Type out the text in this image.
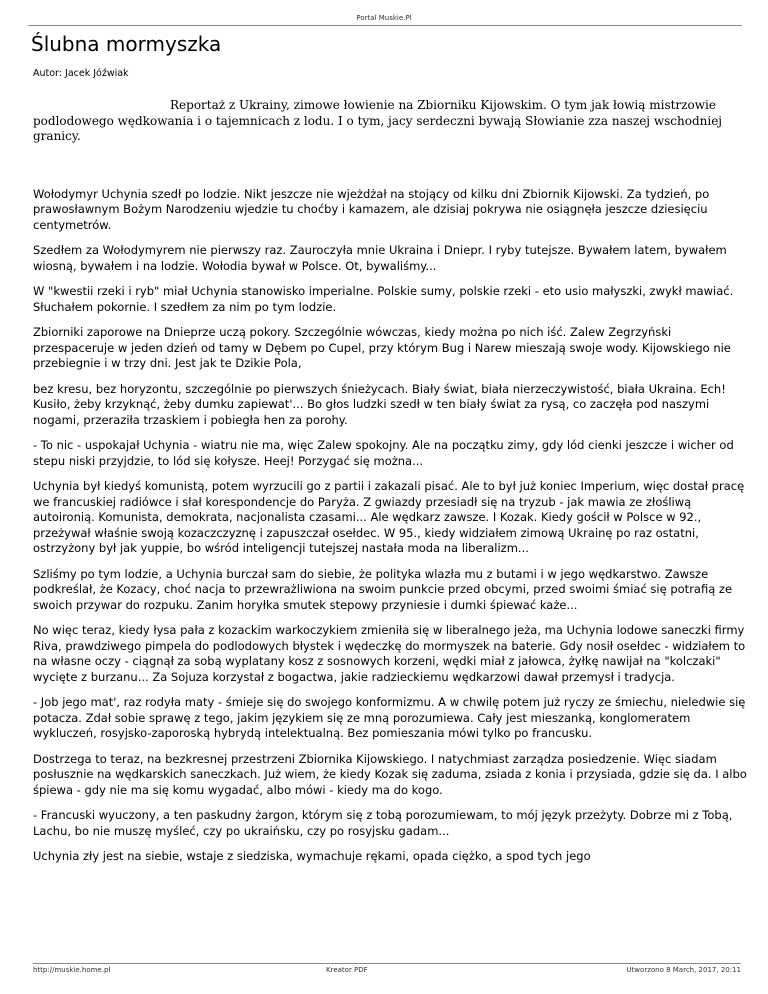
Portal Muskie.Pl
Ślubna mormyszka
Autor: Jacek Jóźwiak

Reportaż z Ukrainy, zimowe łowienie na Zbiorniku Kijowskim. O tym jak łowią mistrzowie podlodowego wędkowania i o tajemnicach z lodu. I o tym, jacy serdeczni bywają Słowianie zza naszej wschodniej granicy.

Wołodymyr Uchynia szedł po lodzie. Nikt jeszcze nie wjeżdżał na stojący od kilku dni Zbiornik Kijowski. Za tydzień, po prawosławnym Bożym Narodzeniu wjedzie tu choćby i kamazem, ale dzisiaj pokrywa nie osiągnęła jeszcze dziesięciu centymetrów.

Szedłem za Wołodymyrem nie pierwszy raz. Zauroczyła mnie Ukraina i Dniepr. I ryby tutejsze. Bywałem latem, bywałem wiosną, bywałem i na lodzie. Wołodia bywał w Polsce. Ot, bywaliśmy...

W "kwestii rzeki i ryb" miał Uchynia stanowisko imperialne. Polskie sumy, polskie rzeki - eto usio małyszki, zwykł mawiać. Słuchałem pokornie. I szedłem za nim po tym lodzie.

Zbiorniki zaporowe na Dnieprze uczą pokory. Szczególnie wówczas, kiedy można po nich iść. Zalew Zegrzyński przespaceruje w jeden dzień od tamy w Dębem po Cupel, przy którym Bug i Narew mieszają swoje wody. Kijowskiego nie przebiegnie i w trzy dni. Jest jak te Dzikie Pola,

bez kresu, bez horyzontu, szczególnie po pierwszych śnieżycach. Biały świat, biała nierzeczywistość, biała Ukraina. Ech! Kusiło, żeby krzyknąć, żeby dumku zapiewat'... Bo głos ludzki szedł w ten biały świat za rysą, co zaczęła pod naszymi nogami, przeraziła trzaskiem i pobiegła hen za porohy.

- To nic - uspokajał Uchynia - wiatru nie ma, więc Zalew spokojny. Ale na początku zimy, gdy lód cienki jeszcze i wicher od stepu niski przyjdzie, to lód się kołysze. Heej! Porzygać się można...

Uchynia był kiedyś komunistą, potem wyrzucili go z partii i zakazali pisać. Ale to był już koniec Imperium, więc dostał pracę we francuskiej radiówce i słał korespondencje do Paryża. Z gwiazdy przesiadł się na tryzub - jak mawia ze złośliwą autoironią. Komunista, demokrata, nacjonalista czasami... Ale wędkarz zawsze. I Kozak. Kiedy gościł w Polsce w 92., przeżywał właśnie swoją kozaczczyznę i zapuszczał osełdec. W 95., kiedy widziałem zimową Ukrainę po raz ostatni, ostrzyżony był jak yuppie, bo wśród inteligencji tutejszej nastała moda na liberalizm...

Szliśmy po tym lodzie, a Uchynia burczał sam do siebie, że polityka wlazła mu z butami i w jego wędkarstwo. Zawsze podkreślał, że Kozacy, choć nacja to przewrażliwiona na swoim punkcie przed obcymi, przed swoimi śmiać się potrafią ze swoich przywar do rozpuku. Zanim horyłka smutek stepowy przyniesie i dumki śpiewać każe...

No więc teraz, kiedy łysa pała z kozackim warkoczykiem zmieniła się w liberalnego jeża, ma Uchynia lodowe saneczki firmy Riva, prawdziwego pimpela do podlodowych błystek i wędeczkę do mormyszek na baterie. Gdy nosił osełdec - widziałem to na własne oczy - ciągnął za sobą wyplatany kosz z sosnowych korzeni, wędki miał z jałowca, żyłkę nawijał na "kolczaki" wycięte z burzanu... Za Sojuza korzystał z bogactwa, jakie radzieckiemu wędkarzowi dawał przemysł i tradycja.

- Job jego mat', raz rodyła maty - śmieje się do swojego konformizmu. A w chwilę potem już ryczy ze śmiechu, nieledwie się potacza. Zdał sobie sprawę z tego, jakim językiem się ze mną porozumiewa. Cały jest mieszanką, konglomeratem wykluczeń, rosyjsko-zaporoską hybrydą intelektualną. Bez pomieszania mówi tylko po francusku.

Dostrzega to teraz, na bezkresnej przestrzeni Zbiornika Kijowskiego. I natychmiast zarządza posiedzenie. Więc siadam posłusznie na wędkarskich saneczkach. Już wiem, że kiedy Kozak się zaduma, zsiada z konia i przysiada, gdzie się da. I albo śpiewa - gdy nie ma się komu wygadać, albo mówi - kiedy ma do kogo.

- Francuski wyuczony, a ten paskudny żargon, którym się z tobą porozumiewam, to mój język przeżyty. Dobrze mi z Tobą, Lachu, bo nie muszę myśleć, czy po ukraińsku, czy po rosyjsku gadam...

Uchynia zły jest na siebie, wstaje z siedziska, wymachuje rękami, opada ciężko, a spod tych jego

http://muskie.home.pl	Kreator PDF	Utworzono 8 March, 2017, 20:11
